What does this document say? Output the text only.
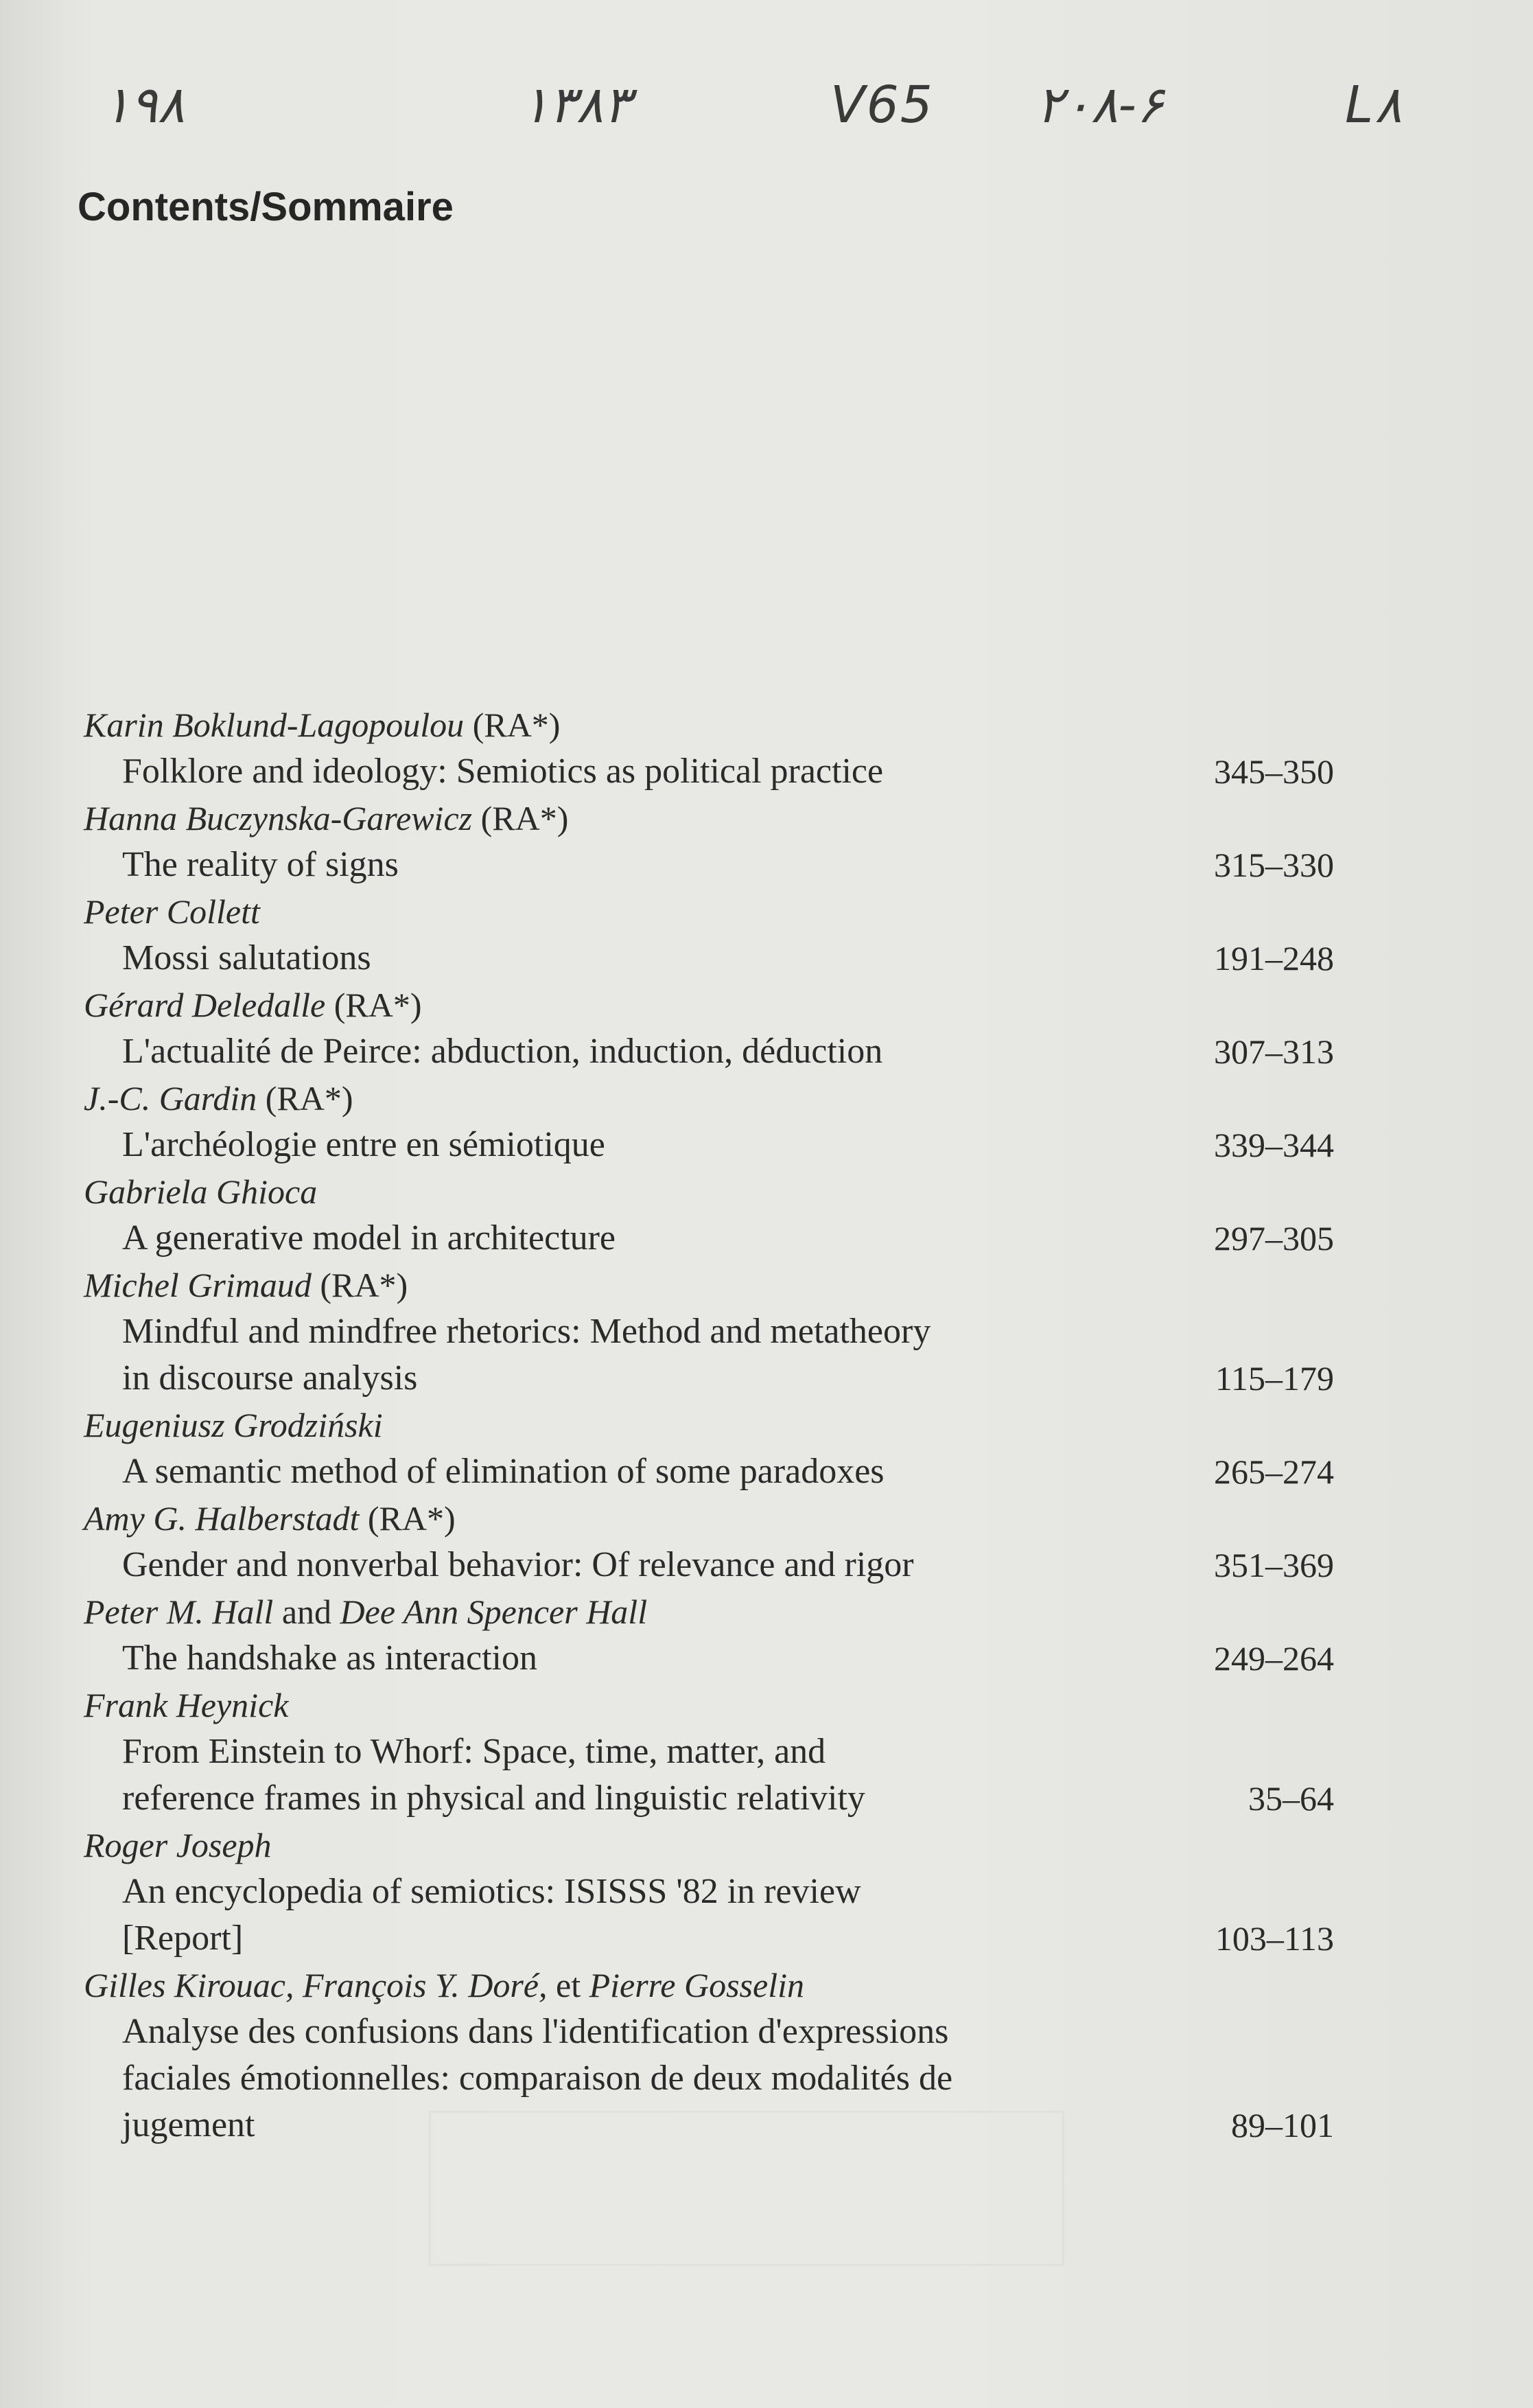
۱۹۸	۱۳۸۳	V65 ۲۰۸-۶	L۸
Contents/Sommaire
Karin Boklund-Lagopoulou (RA*)
Folklore and ideology: Semiotics as political practice	345–350
Hanna Buczynska-Garewicz (RA*)
The reality of signs	315–330
Peter Collett
Mossi salutations	191–248
Gérard Deledalle (RA*)
L'actualité de Peirce: abduction, induction, déduction	307–313
J.-C. Gardin (RA*)
L'archéologie entre en sémiotique	339–344
Gabriela Ghioca
A generative model in architecture	297–305
Michel Grimaud (RA*)
Mindful and mindfree rhetorics: Method and metatheory
in discourse analysis	115–179
Eugeniusz Grodziński
A semantic method of elimination of some paradoxes	265–274
Amy G. Halberstadt (RA*)
Gender and nonverbal behavior: Of relevance and rigor	351–369
Peter M. Hall and Dee Ann Spencer Hall
The handshake as interaction	249–264
Frank Heynick
From Einstein to Whorf: Space, time, matter, and
reference frames in physical and linguistic relativity	35–64
Roger Joseph
An encyclopedia of semiotics: ISISSS '82 in review
[Report]	103–113
Gilles Kirouac, François Y. Doré, et Pierre Gosselin
Analyse des confusions dans l'identification d'expressions
faciales émotionnelles: comparaison de deux modalités de
jugement	89–101
